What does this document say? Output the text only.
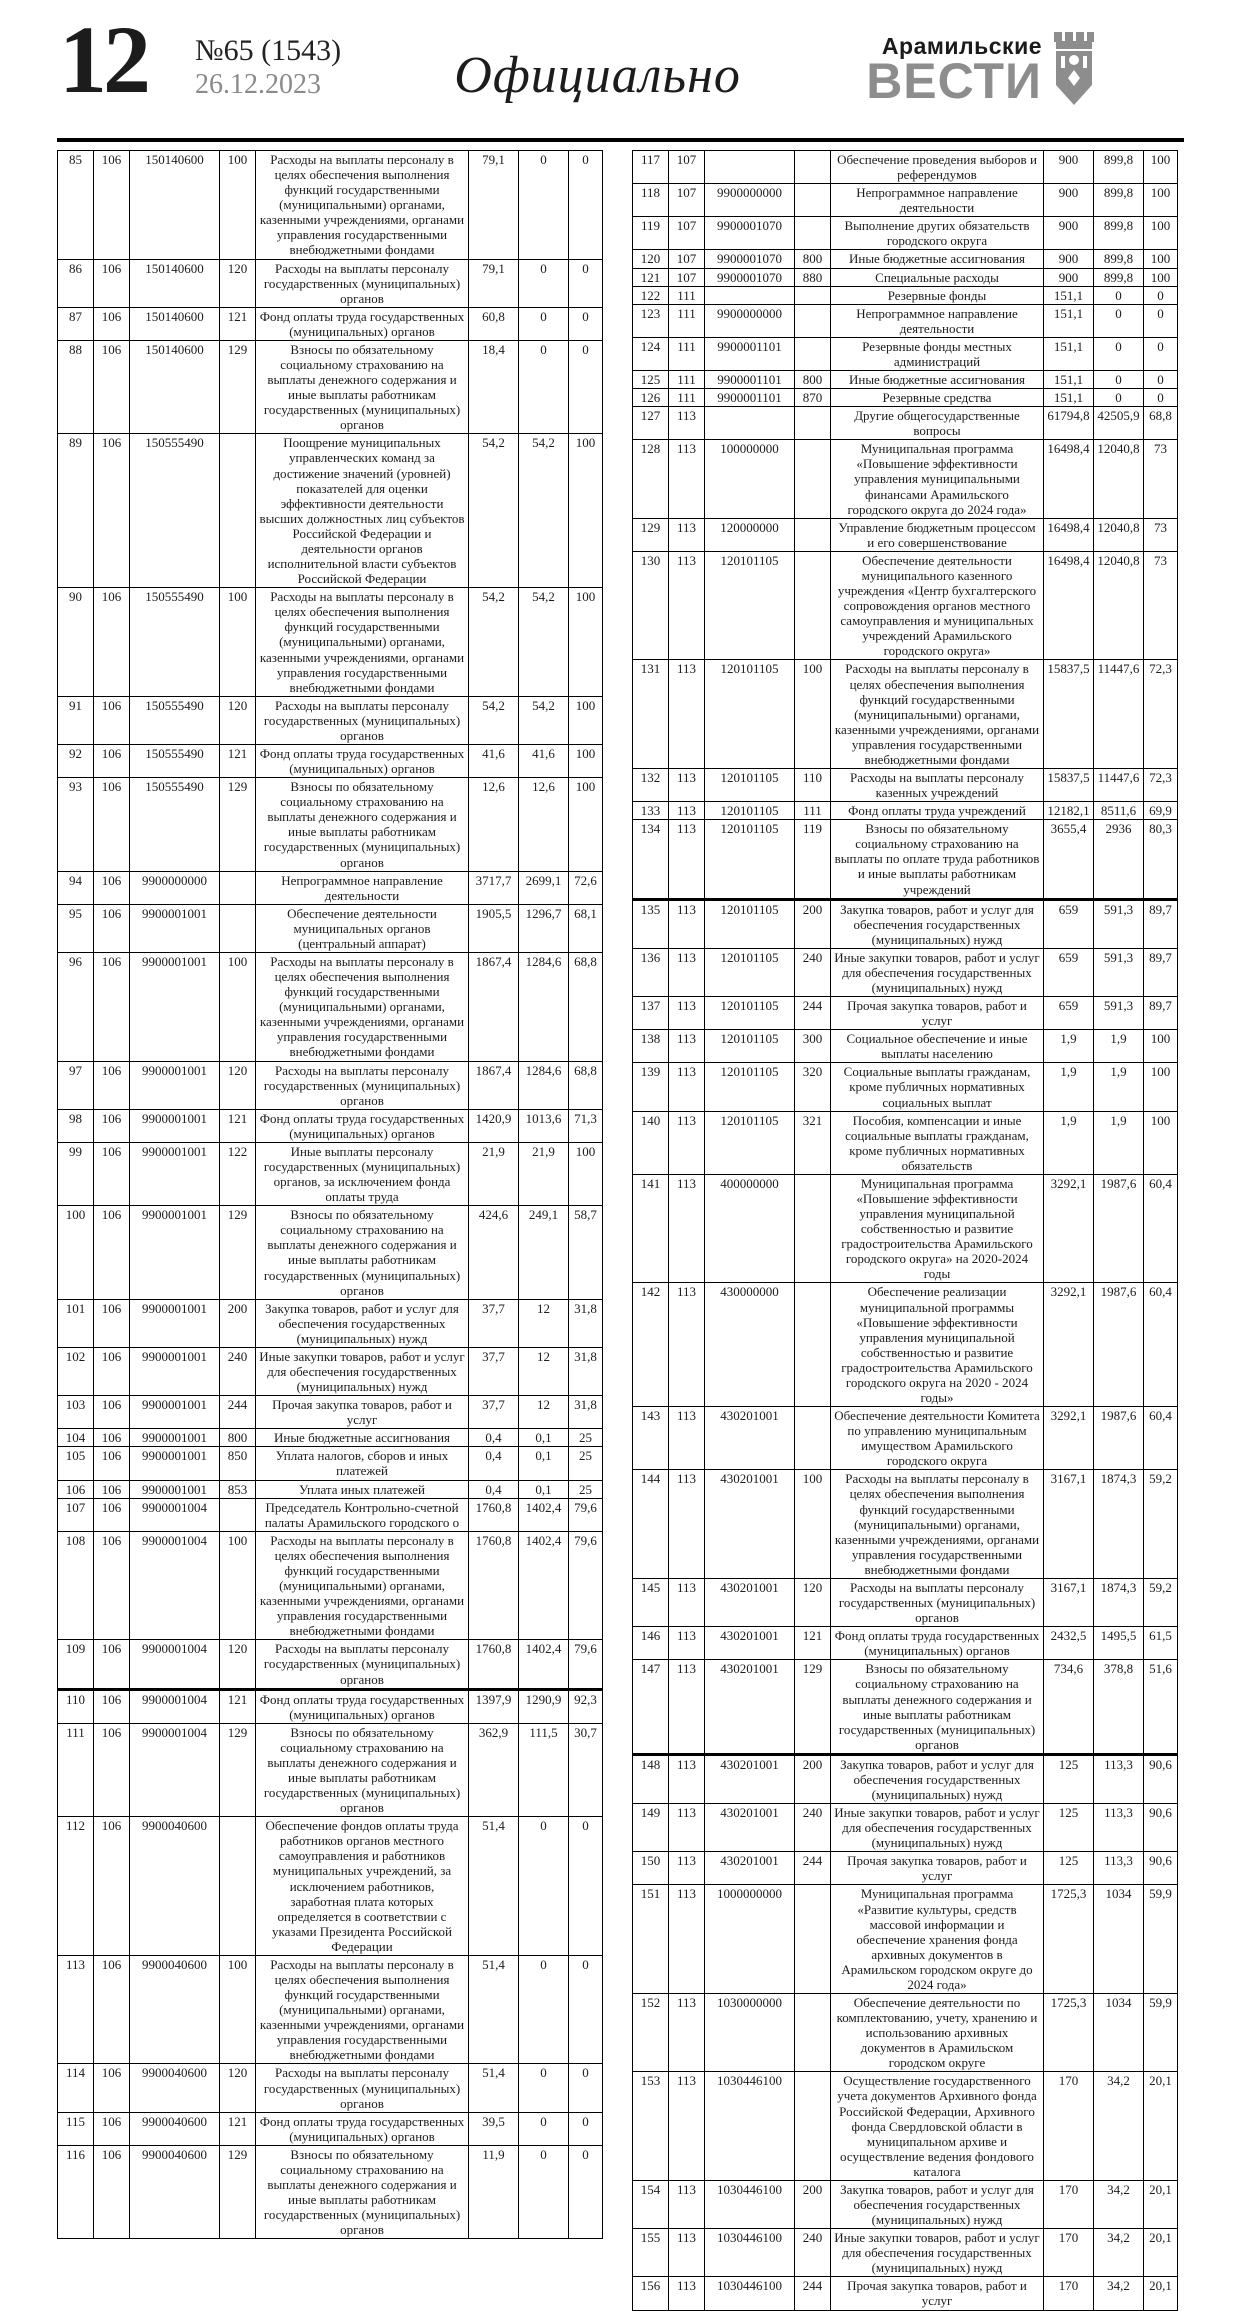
12 №65 (1543)
26.12.2023	Официально
Арамильские
ВЕСТИ
85	106	150140600	100	Расходы на выплаты персоналу в целях обеспечения выполнения функций государственными (муниципальными) органами, казенными учреждениями, органами управления государственными внебюджетными фондами	79,1	0	0
86	106	150140600	120	Расходы на выплаты персоналу государственных (муниципальных) органов	79,1	0	0
87	106	150140600	121	Фонд оплаты труда государственных (муниципальных) органов	60,8	0	0
88	106	150140600	129	Взносы по обязательному социальному страхованию на выплаты денежного содержания и иные выплаты работникам государственных (муниципальных) органов	18,4	0	0
89	106	150555490		Поощрение муниципальных управленческих команд за достижение значений (уровней) показателей для оценки эффективности деятельности высших должностных лиц субъектов Российской Федерации и деятельности органов исполнительной власти субъектов Российской Федерации	54,2	54,2	100
90	106	150555490	100	Расходы на выплаты персоналу в целях обеспечения выполнения функций государственными (муниципальными) органами, казенными учреждениями, органами управления государственными внебюджетными фондами	54,2	54,2	100
91	106	150555490	120	Расходы на выплаты персоналу государственных (муниципальных) органов	54,2	54,2	100
92	106	150555490	121	Фонд оплаты труда государственных (муниципальных) органов	41,6	41,6	100
93	106	150555490	129	Взносы по обязательному социальному страхованию на выплаты денежного содержания и иные выплаты работникам государственных (муниципальных) органов	12,6	12,6	100
94	106	9900000000		Непрограммное направление деятельности	3717,7	2699,1	72,6
95	106	9900001001		Обеспечение деятельности муниципальных органов (центральный аппарат)	1905,5	1296,7	68,1
96	106	9900001001	100	Расходы на выплаты персоналу в целях обеспечения выполнения функций государственными (муниципальными) органами, казенными учреждениями, органами управления государственными внебюджетными фондами	1867,4	1284,6	68,8
97	106	9900001001	120	Расходы на выплаты персоналу государственных (муниципальных) органов	1867,4	1284,6	68,8
98	106	9900001001	121	Фонд оплаты труда государственных (муниципальных) органов	1420,9	1013,6	71,3
99	106	9900001001	122	Иные выплаты персоналу государственных (муниципальных) органов, за исключением фонда оплаты труда	21,9	21,9	100
100	106	9900001001	129	Взносы по обязательному социальному страхованию на выплаты денежного содержания и иные выплаты работникам государственных (муниципальных) органов	424,6	249,1	58,7
101	106	9900001001	200	Закупка товаров, работ и услуг для обеспечения государственных (муниципальных) нужд	37,7	12	31,8
102	106	9900001001	240	Иные закупки товаров, работ и услуг для обеспечения государственных (муниципальных) нужд	37,7	12	31,8
103	106	9900001001	244	Прочая закупка товаров, работ и услуг	37,7	12	31,8
104	106	9900001001	800	Иные бюджетные ассигнования	0,4	0,1	25
105	106	9900001001	850	Уплата налогов, сборов и иных платежей	0,4	0,1	25
106	106	9900001001	853	Уплата иных платежей	0,4	0,1	25
107	106	9900001004		Председатель Контрольно-счетной палаты Арамильского городского о	1760,8	1402,4	79,6
108	106	9900001004	100	Расходы на выплаты персоналу в целях обеспечения выполнения функций государственными (муниципальными) органами, казенными учреждениями, органами управления государственными внебюджетными фондами	1760,8	1402,4	79,6
109	106	9900001004	120	Расходы на выплаты персоналу государственных (муниципальных) органов	1760,8	1402,4	79,6
110	106	9900001004	121	Фонд оплаты труда государственных (муниципальных) органов	1397,9	1290,9	92,3
111	106	9900001004	129	Взносы по обязательному социальному страхованию на выплаты денежного содержания и иные выплаты работникам государственных (муниципальных) органов	362,9	111,5	30,7
112	106	9900040600		Обеспечение фондов оплаты труда работников органов местного самоуправления и работников муниципальных учреждений, за исключением работников, заработная плата которых определяется в соответствии с указами Президента Российской Федерации	51,4	0	0
113	106	9900040600	100	Расходы на выплаты персоналу в целях обеспечения выполнения функций государственными (муниципальными) органами, казенными учреждениями, органами управления государственными внебюджетными фондами	51,4	0	0
114	106	9900040600	120	Расходы на выплаты персоналу государственных (муниципальных) органов	51,4	0	0
115	106	9900040600	121	Фонд оплаты труда государственных (муниципальных) органов	39,5	0	0
116	106	9900040600	129	Взносы по обязательному социальному страхованию на выплаты денежного содержания и иные выплаты работникам государственных (муниципальных) органов	11,9	0	0
117	107			Обеспечение проведения выборов и референдумов	900	899,8	100
118	107	9900000000		Непрограммное направление деятельности	900	899,8	100
119	107	9900001070		Выполнение других обязательств городского округа	900	899,8	100
120	107	9900001070	800	Иные бюджетные ассигнования	900	899,8	100
121	107	9900001070	880	Специальные расходы	900	899,8	100
122	111			Резервные фонды	151,1	0	0
123	111	9900000000		Непрограммное направление деятельности	151,1	0	0
124	111	9900001101		Резервные фонды местных администраций	151,1	0	0
125	111	9900001101	800	Иные бюджетные ассигнования	151,1	0	0
126	111	9900001101	870	Резервные средства	151,1	0	0
127	113			Другие общегосударственные вопросы	61794,8	42505,9	68,8
128	113	100000000		Муниципальная программа «Повышение эффективности управления муниципальными финансами Арамильского городского округа до 2024 года»	16498,4	12040,8	73
129	113	120000000		Управление бюджетным процессом и его совершенствование	16498,4	12040,8	73
130	113	120101105		Обеспечение деятельности муниципального казенного учреждения «Центр бухгалтерского сопровождения органов местного самоуправления и муниципальных учреждений Арамильского городского округа»	16498,4	12040,8	73
131	113	120101105	100	Расходы на выплаты персоналу в целях обеспечения выполнения функций государственными (муниципальными) органами, казенными учреждениями, органами управления государственными внебюджетными фондами	15837,5	11447,6	72,3
132	113	120101105	110	Расходы на выплаты персоналу казенных учреждений	15837,5	11447,6	72,3
133	113	120101105	111	Фонд оплаты труда учреждений	12182,1	8511,6	69,9
134	113	120101105	119	Взносы по обязательному социальному страхованию на выплаты по оплате труда работников и иные выплаты работникам учреждений	3655,4	2936	80,3
135	113	120101105	200	Закупка товаров, работ и услуг для обеспечения государственных (муниципальных) нужд	659	591,3	89,7
136	113	120101105	240	Иные закупки товаров, работ и услуг для обеспечения государственных (муниципальных) нужд	659	591,3	89,7
137	113	120101105	244	Прочая закупка товаров, работ и услуг	659	591,3	89,7
138	113	120101105	300	Социальное обеспечение и иные выплаты населению	1,9	1,9	100
139	113	120101105	320	Социальные выплаты гражданам, кроме публичных нормативных социальных выплат	1,9	1,9	100
140	113	120101105	321	Пособия, компенсации и иные социальные выплаты гражданам, кроме публичных нормативных обязательств	1,9	1,9	100
141	113	400000000		Муниципальная программа «Повышение эффективности управления муниципальной собственностью и развитие градостроительства Арамильского городского округа» на 2020-2024 годы	3292,1	1987,6	60,4
142	113	430000000		Обеспечение реализации муниципальной программы «Повышение эффективности управления муниципальной собственностью и развитие градостроительства Арамильского городского округа на 2020 - 2024 годы»	3292,1	1987,6	60,4
143	113	430201001		Обеспечение деятельности Комитета по управлению муниципальным имуществом Арамильского городского округа	3292,1	1987,6	60,4
144	113	430201001	100	Расходы на выплаты персоналу в целях обеспечения выполнения функций государственными (муниципальными) органами, казенными учреждениями, органами управления государственными внебюджетными фондами	3167,1	1874,3	59,2
145	113	430201001	120	Расходы на выплаты персоналу государственных (муниципальных) органов	3167,1	1874,3	59,2
146	113	430201001	121	Фонд оплаты труда государственных (муниципальных) органов	2432,5	1495,5	61,5
147	113	430201001	129	Взносы по обязательному социальному страхованию на выплаты денежного содержания и иные выплаты работникам государственных (муниципальных) органов	734,6	378,8	51,6
148	113	430201001	200	Закупка товаров, работ и услуг для обеспечения государственных (муниципальных) нужд	125	113,3	90,6
149	113	430201001	240	Иные закупки товаров, работ и услуг для обеспечения государственных (муниципальных) нужд	125	113,3	90,6
150	113	430201001	244	Прочая закупка товаров, работ и услуг	125	113,3	90,6
151	113	1000000000		Муниципальная программа «Развитие культуры, средств массовой информации и обеспечение хранения фонда архивных документов в Арамильском городском округе до 2024 года»	1725,3	1034	59,9
152	113	1030000000		Обеспечение деятельности по комплектованию, учету, хранению и использованию архивных документов в Арамильском городском округе	1725,3	1034	59,9
153	113	1030446100		Осуществление государственного учета документов Архивного фонда Российской Федерации, Архивного фонда Свердловской области в муниципальном архиве и осуществление ведения фондового каталога	170	34,2	20,1
154	113	1030446100	200	Закупка товаров, работ и услуг для обеспечения государственных (муниципальных) нужд	170	34,2	20,1
155	113	1030446100	240	Иные закупки товаров, работ и услуг для обеспечения государственных (муниципальных) нужд	170	34,2	20,1
156	113	1030446100	244	Прочая закупка товаров, работ и услуг	170	34,2	20,1
